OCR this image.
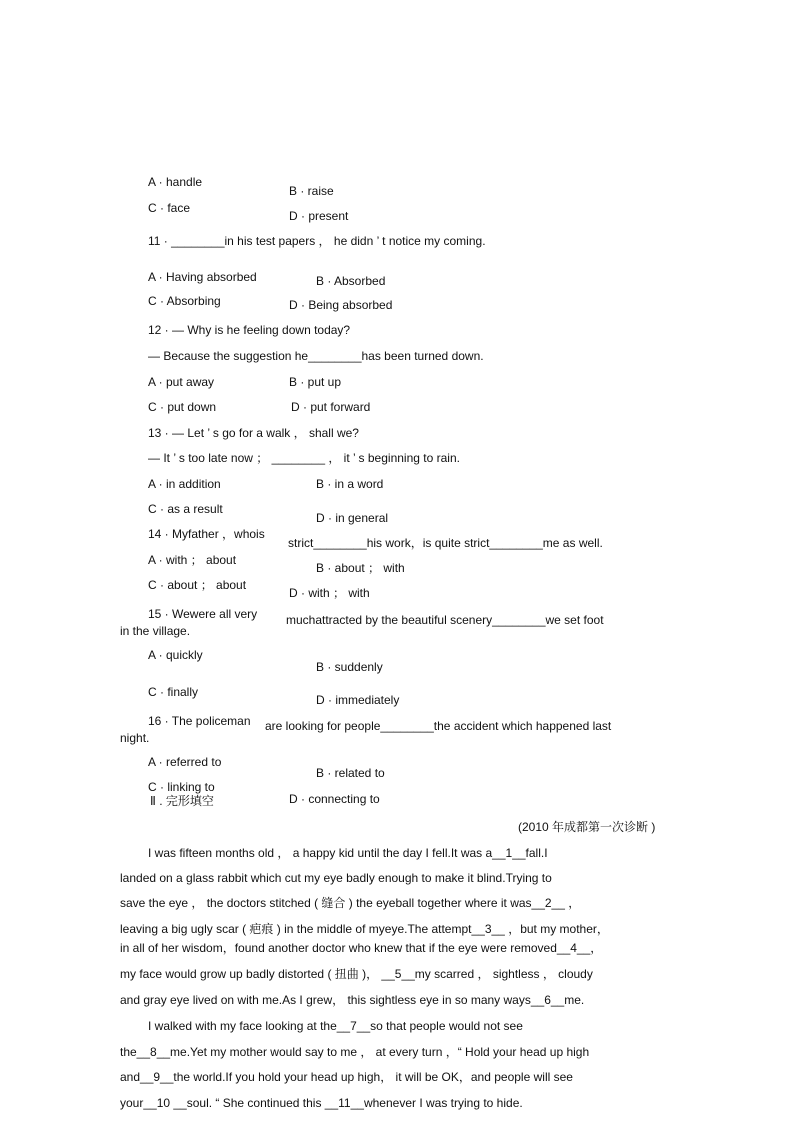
A · handle
B · raise
C · face
D · present
11 · ________in his test papers ， he didn ’ t notice my coming.
A · Having absorbed	B · Absorbed
C · Absorbing	D · Being absorbed
12 · — Why is he feeling down today?
— Because the suggestion he________has been turned down.
A · put away	B · put up
C · put down	D · put forward
13 · — Let ’ s go for a walk ， shall we?
— It ’ s too late now ； ________ ， it ’ s beginning to rain.
A · in addition	B · in a word
C · as a result
D · in general
14 · Myfather ，whois
strict________his work，is quite strict________me as well.
A · with ； about
B · about ； with
C · about ； about
D · with ； with
15 · Wewere all very muchattracted by the beautiful scenery________we set foot
in the village.
A · quickly
B · suddenly
C · finally
D · immediately
16 · The policeman are looking for people________the accident which happened last
night.
A · referred to
B · related to
C · linking to
D · connecting to
Ⅱ . 完形填空
(2010 年成都第一次诊断 )
I was fifteen months old ， a happy kid until the day I fell.It was a__1__fall.I
landed on a glass rabbit which cut my eye badly enough to make it blind.Trying to
save the eye ， the doctors stitched ( 缝合 ) the eyeball together where it was__2__ ，
leaving a big ugly scar ( 疤痕 ) in the middle of myeye.The attempt__3__ ，but my mother，
in all of her wisdom，found another doctor who knew that if the eye were removed__4__，
my face would grow up badly distorted ( 扭曲 )， __5__my scarred ， sightless ， cloudy
and gray eye lived on with me.As I grew， this sightless eye in so many ways__6__me.
I walked with my face looking at the__7__so that people would not see
the__8__me.Yet my mother would say to me ， at every turn ，“ Hold your head up high
and__9__the world.If you hold your head up high， it will be OK，and people will see
your__10 __soul. “ She continued this __11__whenever I was trying to hide.
